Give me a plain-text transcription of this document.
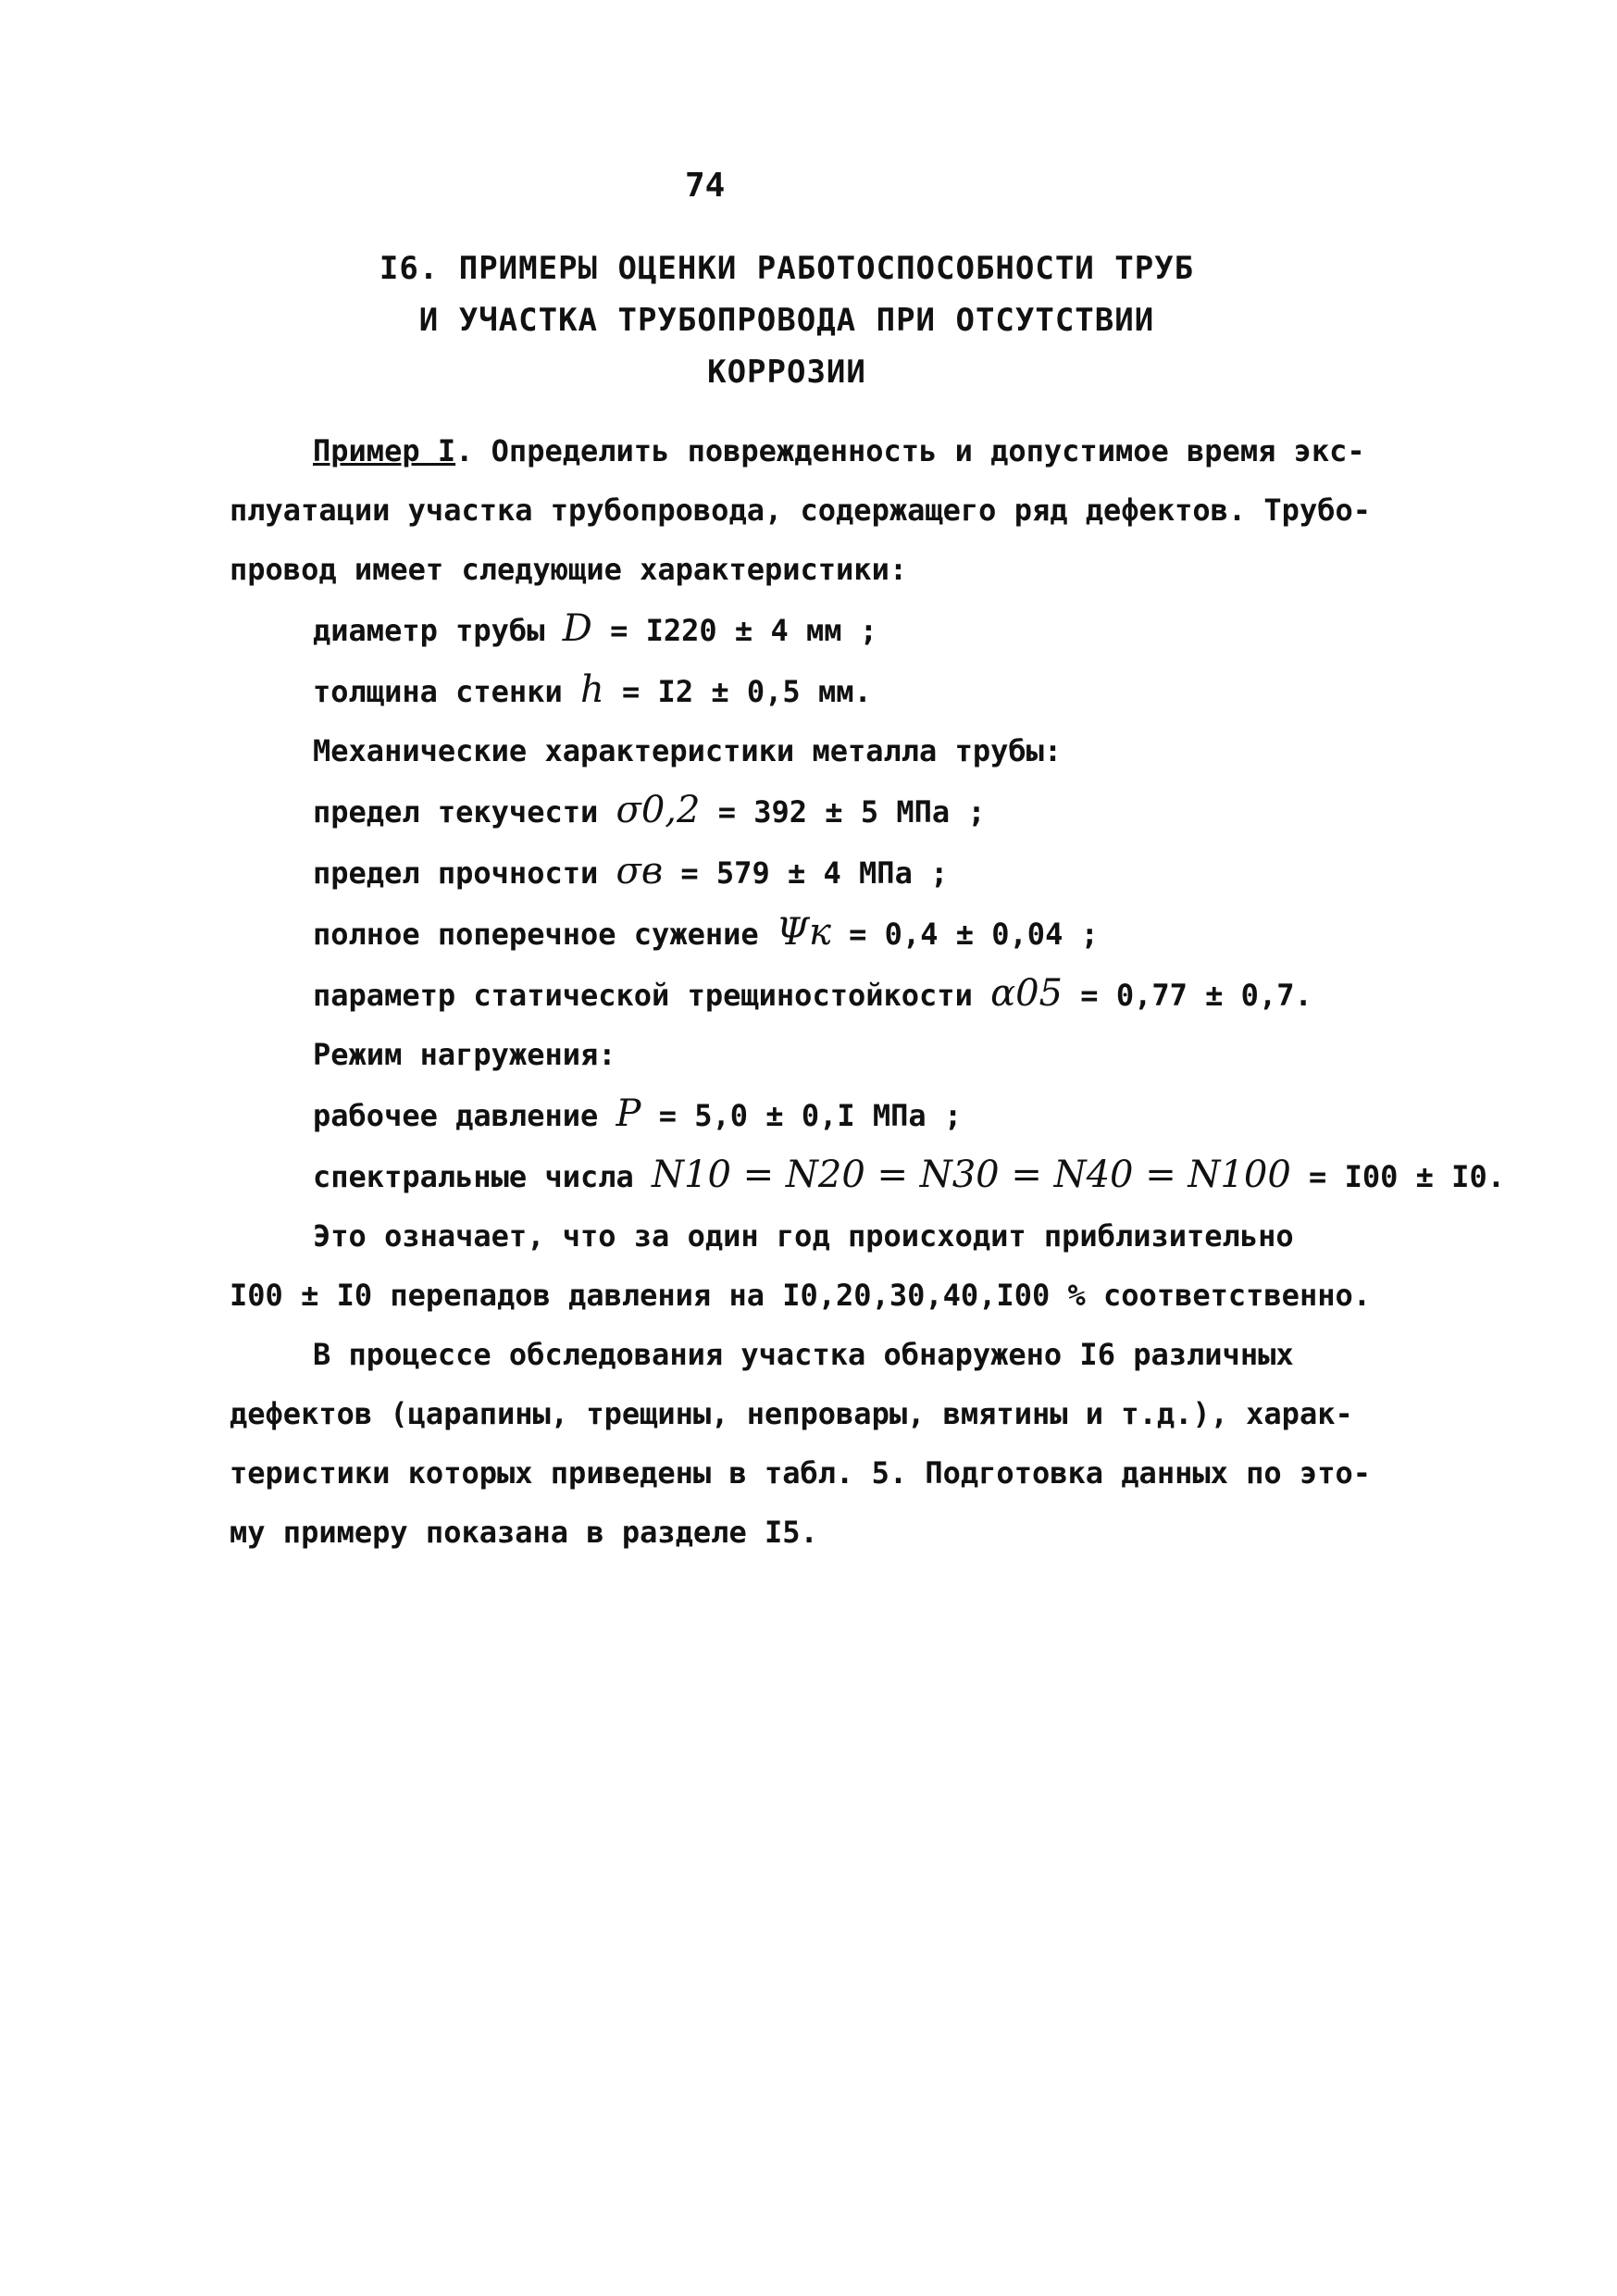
74
I6. ПРИМЕРЫ ОЦЕНКИ РАБОТОСПОСОБНОСТИ ТРУБ
И УЧАСТКА ТРУБОПРОВОДА ПРИ ОТСУТСТВИИ
КОРРОЗИИ
Пример I. Определить поврежденность и допустимое время экс-
плуатации участка трубопровода, содержащего ряд дефектов. Трубо-
провод имеет следующие характеристики:
диаметр трубы D = I220 ± 4 мм ;
толщина стенки h = I2 ± 0,5 мм.
Механические характеристики металла трубы:
предел текучести σ0,2 = 392 ± 5 МПа ;
предел прочности σв = 579 ± 4 МПа ;
полное поперечное сужение Ψк = 0,4 ± 0,04 ;
параметр статической трещиностойкости α05 = 0,77 ± 0,7.
Режим нагружения:
рабочее давление P = 5,0 ± 0,I МПа ;
спектральные числа N10 = N20 = N30 = N40 = N100 = I00 ± I0.
Это означает, что за один год происходит приблизительно
I00 ± I0 перепадов давления на I0,20,30,40,I00 % соответственно.
В процессе обследования участка обнаружено I6 различных
дефектов (царапины, трещины, непровары, вмятины и т.д.), харак-
теристики которых приведены в табл. 5. Подготовка данных по это-
му примеру показана в разделе I5.
